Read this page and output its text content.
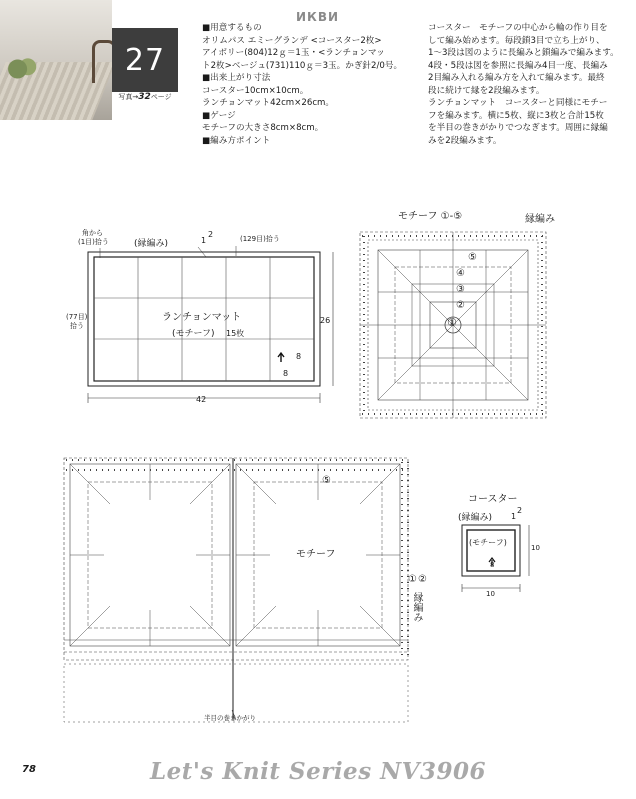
27
写真→32ページ
ИКВИ
■ 用意するもの
オリムパス エミーグランデ <コースター2枚>
アイボリー(804)12ｇ＝1玉・<ランチョンマッ
ト2枚>ベージュ(731)110ｇ＝3玉。かぎ針2/0号。
■ 出来上がり寸法
コースター10cm×10cm。
ランチョンマット42cm×26cm。
■ ゲージ
モチーフの大きさ8cm×8cm。
■ 編み方ポイント
コースター　モチーフの中心から輪の作り目を
して編み始めます。毎段鎖3目で立ち上がり、
1〜3段は図のように長編みと鎖編みで編みます。
4段・5段は図を参照に長編み4目一度、長編み
2目編み入れる編み方を入れて編みます。最終
段に続けて縁を2段編みます。
ランチョンマット　コースターと同様にモチー
フを編みます。横に5枚、縦に3枚と合計15枚
を半目の巻きがかりでつなぎます。周囲に縁編
みを2段編みます。
角から
(1目)拾う	(縁編み)	1
2	(129目)拾う
(77目)
拾う
ランチョンマット
(モチーフ) 15枚
26
42
8
8
モチーフ ①-⑤	縁編み
①
②
③
④
⑤
モチーフ
⑤
① ②
縁編み
半目の巻きかがり
コースター
(縁編み) 1
2
(モチーフ)
8
10
10
78	Let's Knit Series NV3906
